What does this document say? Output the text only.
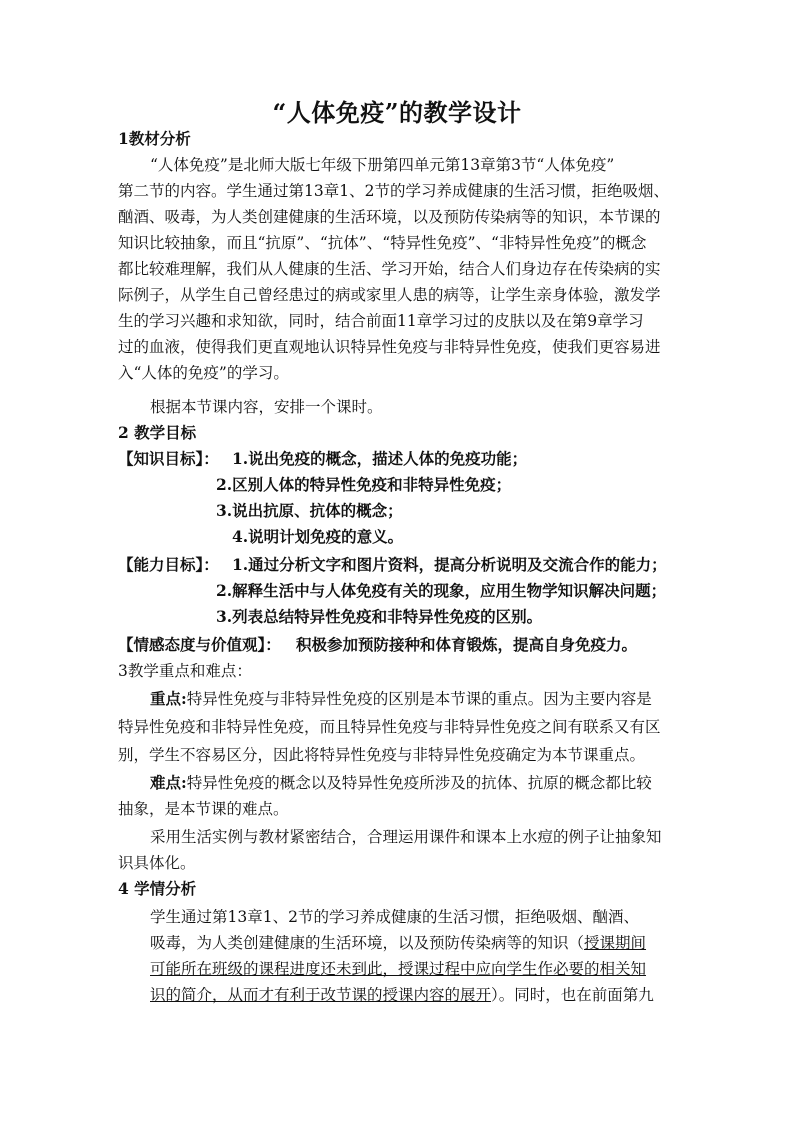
“人体免疫”的教学设计
1教材分析
“人体免疫”是北师大版七年级下册第四单元第13章第3节“人体免疫”
第二节的内容。学生通过第13章1、2节的学习养成健康的生活习惯，拒绝吸烟、
酗酒、吸毒，为人类创建健康的生活环境，以及预防传染病等的知识，本节课的
知识比较抽象，而且“抗原”、“抗体”、“特异性免疫”、“非特异性免疫”的概念
都比较难理解，我们从人健康的生活、学习开始，结合人们身边存在传染病的实
际例子，从学生自己曾经患过的病或家里人患的病等，让学生亲身体验，激发学
生的学习兴趣和求知欲，同时，结合前面11章学习过的皮肤以及在第9章学习
过的血液，使得我们更直观地认识特异性免疫与非特异性免疫，使我们更容易进
入“人体的免疫”的学习。
根据本节课内容，安排一个课时。
2 教学目标
【知识目标】： 1.说出免疫的概念，描述人体的免疫功能；
2.区别人体的特异性免疫和非特异性免疫；
3.说出抗原、抗体的概念；
4.说明计划免疫的意义。
【能力目标】： 1.通过分析文字和图片资料，提高分析说明及交流合作的能力；
2.解释生活中与人体免疫有关的现象，应用生物学知识解决问题；
3.列表总结特异性免疫和非特异性免疫的区别。
【情感态度与价值观】： 积极参加预防接种和体育锻炼，提高自身免疫力。
3教学重点和难点：
重点:特异性免疫与非特异性免疫的区别是本节课的重点。因为主要内容是
特异性免疫和非特异性免疫，而且特异性免疫与非特异性免疫之间有联系又有区
别，学生不容易区分，因此将特异性免疫与非特异性免疫确定为本节课重点。
难点:特异性免疫的概念以及特异性免疫所涉及的抗体、抗原的概念都比较
抽象，是本节课的难点。
采用生活实例与教材紧密结合，合理运用课件和课本上水痘的例子让抽象知
识具体化。
4 学情分析
学生通过第13章1、2节的学习养成健康的生活习惯，拒绝吸烟、酗酒、
吸毒，为人类创建健康的生活环境，以及预防传染病等的知识（授课期间
可能所在班级的课程进度还未到此，授课过程中应向学生作必要的相关知
识的简介，从而才有利于改节课的授课内容的展开）。同时，也在前面第九
